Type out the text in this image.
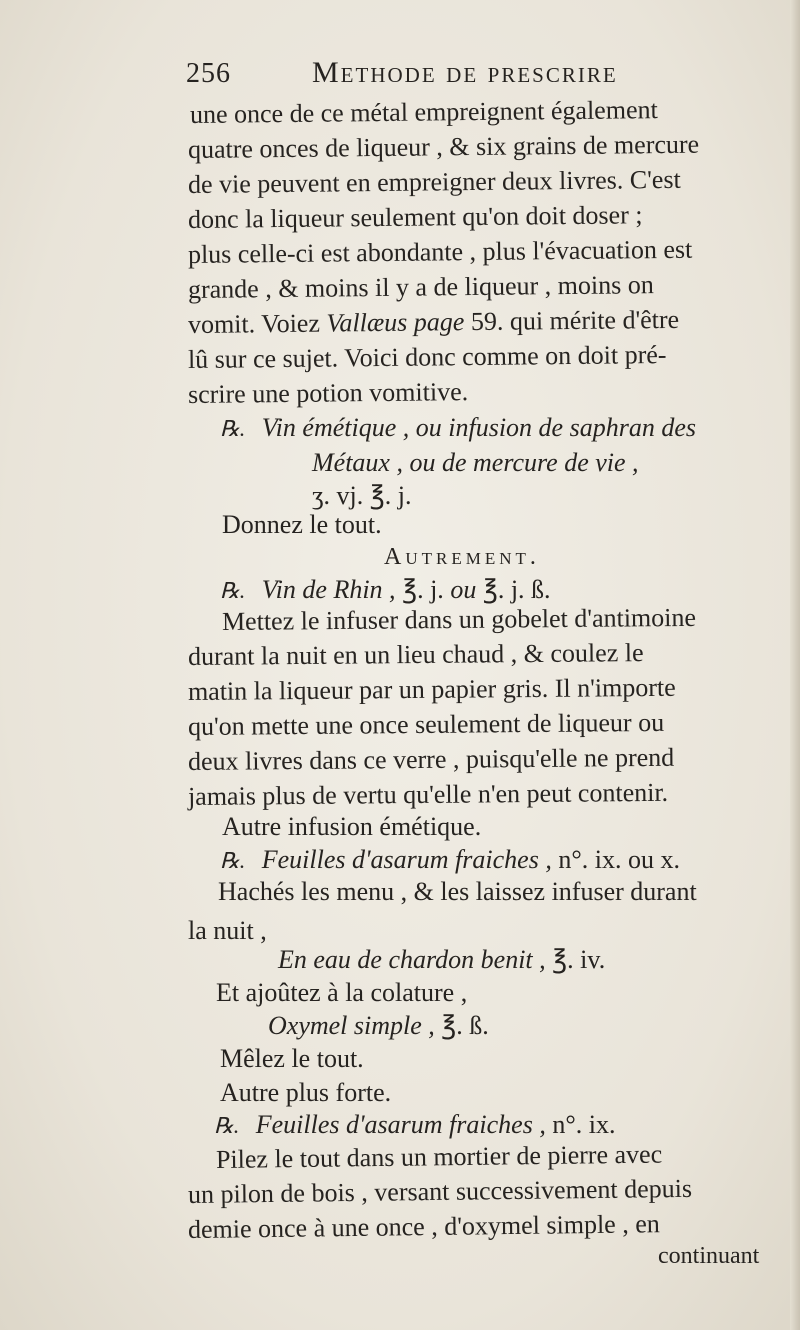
256	Methode de prescrire
une once de ce métal empreignent également
quatre onces de liqueur , & six grains de mercure
de vie peuvent en empreigner deux livres. C'est
donc la liqueur seulement qu'on doit doser ;
plus celle-ci est abondante , plus l'évacuation est
grande , & moins il y a de liqueur , moins on
vomit. Voiez Vallæus page 59. qui mérite d'être
lû sur ce sujet. Voici donc comme on doit pré-
scrire une potion vomitive.
℞. Vin émétique , ou infusion de saphran des
Métaux , ou de mercure de vie ,
ʒ. vj. ℥. j.
Donnez le tout.
Autrement.
℞. Vin de Rhin , ℥. j. ou ℥. j. ß.
Mettez le infuser dans un gobelet d'antimoine
durant la nuit en un lieu chaud , & coulez le
matin la liqueur par un papier gris. Il n'importe
qu'on mette une once seulement de liqueur ou
deux livres dans ce verre , puisqu'elle ne prend
jamais plus de vertu qu'elle n'en peut contenir.
Autre infusion émétique.
℞. Feuilles d'asarum fraiches , n°. ix. ou x.
Hachés les menu , & les laissez infuser durant
la nuit ,
En eau de chardon benit , ℥. iv.
Et ajoûtez à la colature ,
Oxymel simple , ℥. ß.
Mêlez le tout.
Autre plus forte.
℞. Feuilles d'asarum fraiches , n°. ix.
Pilez le tout dans un mortier de pierre avec
un pilon de bois , versant successivement depuis
demie once à une once , d'oxymel simple , en
continuant
